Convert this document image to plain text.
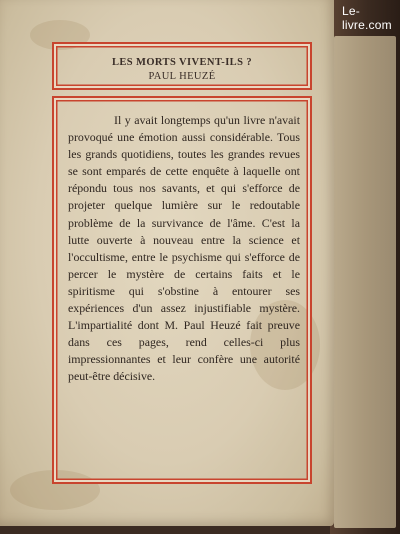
Le-livre.com
LES MORTS VIVENT-ILS ?
PAUL HEUZÉ

Il y avait longtemps qu'un livre n'avait provoqué une émotion aussi considérable. Tous les grands quotidiens, toutes les grandes revues se sont emparés de cette enquête à laquelle ont répondu tous nos savants, et qui s'efforce de projeter quelque lumière sur le redoutable problème de la survivance de l'âme. C'est la lutte ouverte à nouveau entre la science et l'occultisme, entre le psychisme qui s'efforce de percer le mystère de certains faits et le spiritisme qui s'obstine à entourer ses expériences d'un assez injustifiable mystère. L'impartialité dont M. Paul Heuzé fait preuve dans ces pages, rend celles-ci plus impressionnantes et leur confère une autorité peut-être décisive.
